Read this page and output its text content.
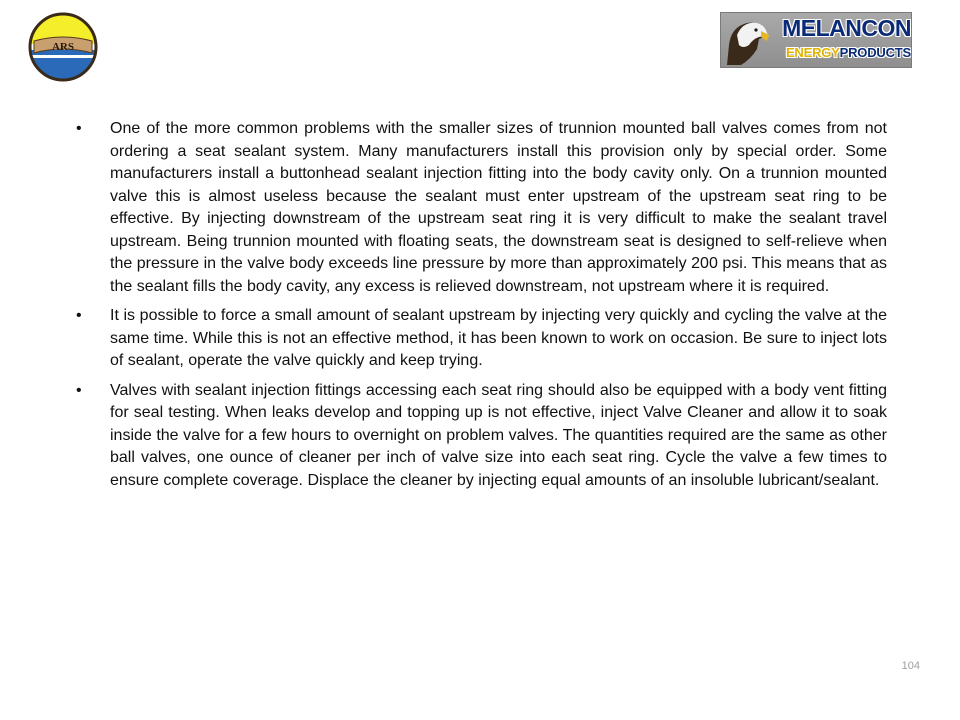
ARS
MELANCON
ENERGYPRODUCTS
• One of the more common problems with the smaller sizes of trunnion mounted ball valves comes from not ordering a seat sealant system. Many manufacturers install this provision only by special order. Some manufacturers install a buttonhead sealant injection fitting into the body cavity only. On a trunnion mounted valve this is almost useless because the sealant must enter upstream of the upstream seat ring to be effective. By injecting downstream of the upstream seat ring it is very difficult to make the sealant travel upstream. Being trunnion mounted with floating seats, the downstream seat is designed to self-relieve when the pressure in the valve body exceeds line pressure by more than approximately 200 psi. This means that as the sealant fills the body cavity, any excess is relieved downstream, not upstream where it is required.
• It is possible to force a small amount of sealant upstream by injecting very quickly and cycling the valve at the same time. While this is not an effective method, it has been known to work on occasion. Be sure to inject lots of sealant, operate the valve quickly and keep trying.
• Valves with sealant injection fittings accessing each seat ring should also be equipped with a body vent fitting for seal testing. When leaks develop and topping up is not effective, inject Valve Cleaner and allow it to soak inside the valve for a few hours to overnight on problem valves. The quantities required are the same as other ball valves, one ounce of cleaner per inch of valve size into each seat ring. Cycle the valve a few times to ensure complete coverage. Displace the cleaner by injecting equal amounts of an insoluble lubricant/sealant.
104
